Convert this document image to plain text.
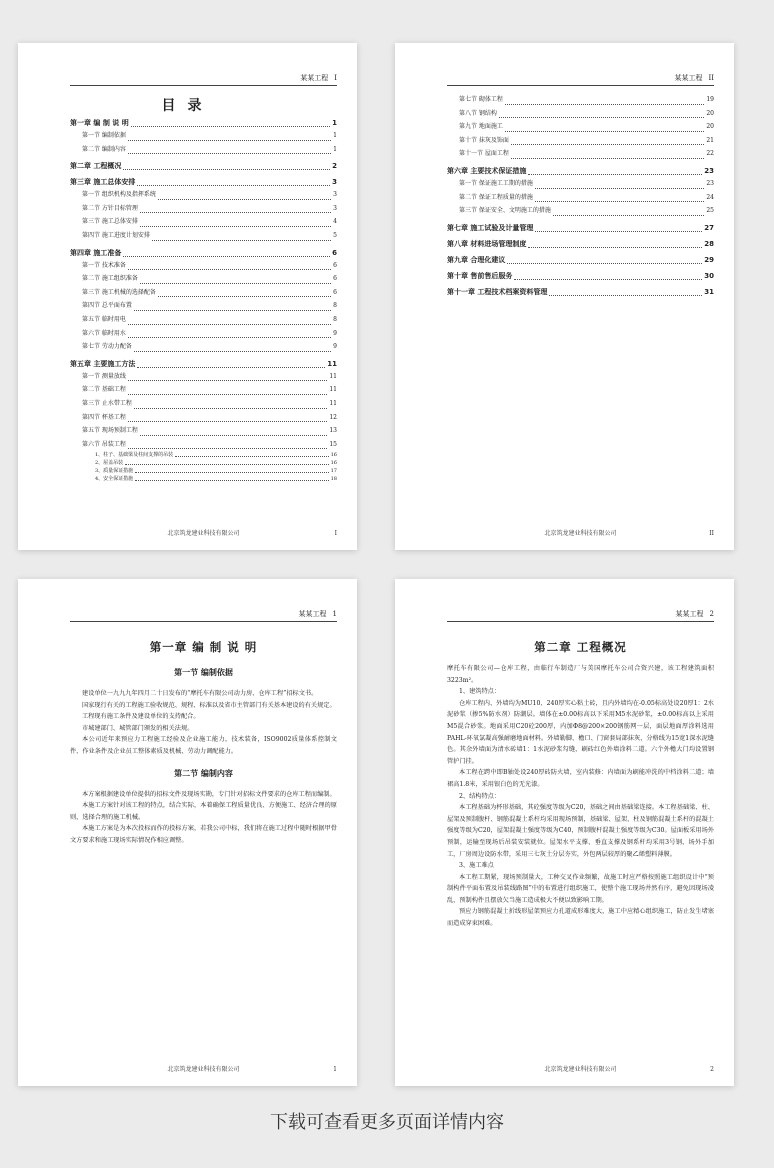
某某工程 I
目录
第一章 编 制 说 明	1
第一节 编制依据	1
第二节 编制内容	1
第二章 工程概况	2
第三章 施工总体安排	3
第一节 组织机构及指挥系统	3
第二节 方针目标管理	3
第三节 施工总体安排	4
第四节 施工进度计划安排	5
第四章 施工准备	6
第一节 技术准备	6
第二节 施工组织准备	6
第三节 施工机械的选择配备	6
第四节 总平面布置	8
第五节 临时用电	8
第六节 临时用水	9
第七节 劳动力配备	9
第五章 主要施工方法	11
第一节 测量放线	11
第二节 基础工程	11
第三节 止水带工程	11
第四节 杯基工程	12
第五节 现场预制工程	13
第六节 吊装工程	15
1、柱子、基础梁及柱间支撑的吊装	16
2、屋盖吊装	16
3、质量保证措施	17
4、安全保证措施	18
北京筑龙建业科技有限公司	I
某某工程 II
第七节 砌体工程	19
第八节 钢结构	20
第九节 地面施工	20
第十节 抹灰及饰面	21
第十一节 屋面工程	22
第六章 主要技术保证措施	23
第一节 保证施工工期的措施	23
第二节 保证工程质量的措施	24
第三节 保证安全、文明施工的措施	25
第七章 施工试验及计量管理	27
第八章 材料进场管理制度	28
第九章 合理化建议	29
第十章 售前售后服务	30
第十一章 工程技术档案资料管理	31
北京筑龙建业科技有限公司	II
某某工程 1
第一章 编 制 说 明
第一节 编制依据

建设单位一九九九年四月二十日发布的“摩托车有限公司动力房、仓库工程”招标文书。

国家现行有关的工程施工验收规范、规程、标准以及省市主管部门有关基本建设的有关规定。

工程现有施工条件及建设单位的支持配合。

市城建部门、城管部门颁发的相关法规。

本公司近年来预应力工程施工经验及企业施工能力，技术装备，ISO9002质量体系控制文件、作业条件及企业员工整体素质及机械、劳动力调配能力。

第二节 编制内容

本方案根据建设单位提供的招标文件及现场实勘，专门针对招标文件要求的仓库工程而编制。

本施工方案针对该工程的特点，结合实际，本着确保工程质量优良、方便施工、经济合理的原则，选择合理的施工机械。

本施工方案是为本次投标而作的投标方案，若我公司中标，我们将在施工过程中随时根据甲骨文方要求和施工现场实际情况作相应调整。

北京筑龙建业科技有限公司	1
某某工程 2
第二章 工程概况

摩托车有限公司—仓库工程，由临行车制造厂与美国摩托车公司合资兴建，该工程建筑面积3223m²。

1、建筑特点：

仓库工程内、外墙均为MU10、240厚实心粘土砖，且内外墙均在-0.05标高处设20厚1：2水泥砂浆（掺5%防水剂）防潮层。墙体在±0.00标高以下采用M5水泥砂浆，±0.00标高以上采用M5混合砂浆。地面采用C20砼200厚，内加Φ8@200×200钢筋网一层，面层地面厚涂料选用PAHL-环氧氯凝高强耐磨地面材料。外墙勒脚、檐口、门窗套局部抹灰，分格线为15宽1深水泥缝色。其余外墙面为清水砖墙1：1水泥砂浆勾缝，刷砖红色外墙涂料二道。六个外檐大门均设置钢管护门挂。

本工程在跨中即B轴处设240厚砖防火墙，室内装修：内墙面为刷能冲洗的中档涂料二道；墙裙高1.8米，采用银白色的无光漆。

2、结构特点：

本工程基础为杯形基础，其砼强度等级为C20，基础之间由基础梁连接。本工程基础梁、柱、屋架及预制腹杆、钢筋混凝土系杆均采用现场预制，基础梁、屋架、柱及钢筋混凝土系杆的混凝土强度等级为C20，屋架混凝土强度等级为C40，预制腹杆混凝土强度等级为C30。屋面板采用场外预制，运输至现场后吊装安装就位。屋架水平支撑、垂直支撑及钢系杆均采用3号钢，场外手加工，厂房周边设防水带，采用三七灰土分层夯实，外包两层较厚的聚乙烯塑料薄膜。

3、施工难点

本工程工期紧，现场预制量大，工种交叉作业频繁，故施工时应严格按照施工组织设计中“预制构件平面布置及吊装线路图”中的布置进行组织施工，使整个施工现场井然有序，避免因现场凌乱，预制构件且摆放欠当施工造成极大不便以致影响工期。

预应力钢筋混凝土折线形屋架预应力孔道成形难度大，施工中应精心组织施工，防止发生堵塞而造成穿束困难。

北京筑龙建业科技有限公司	2
下载可查看更多页面详情内容
